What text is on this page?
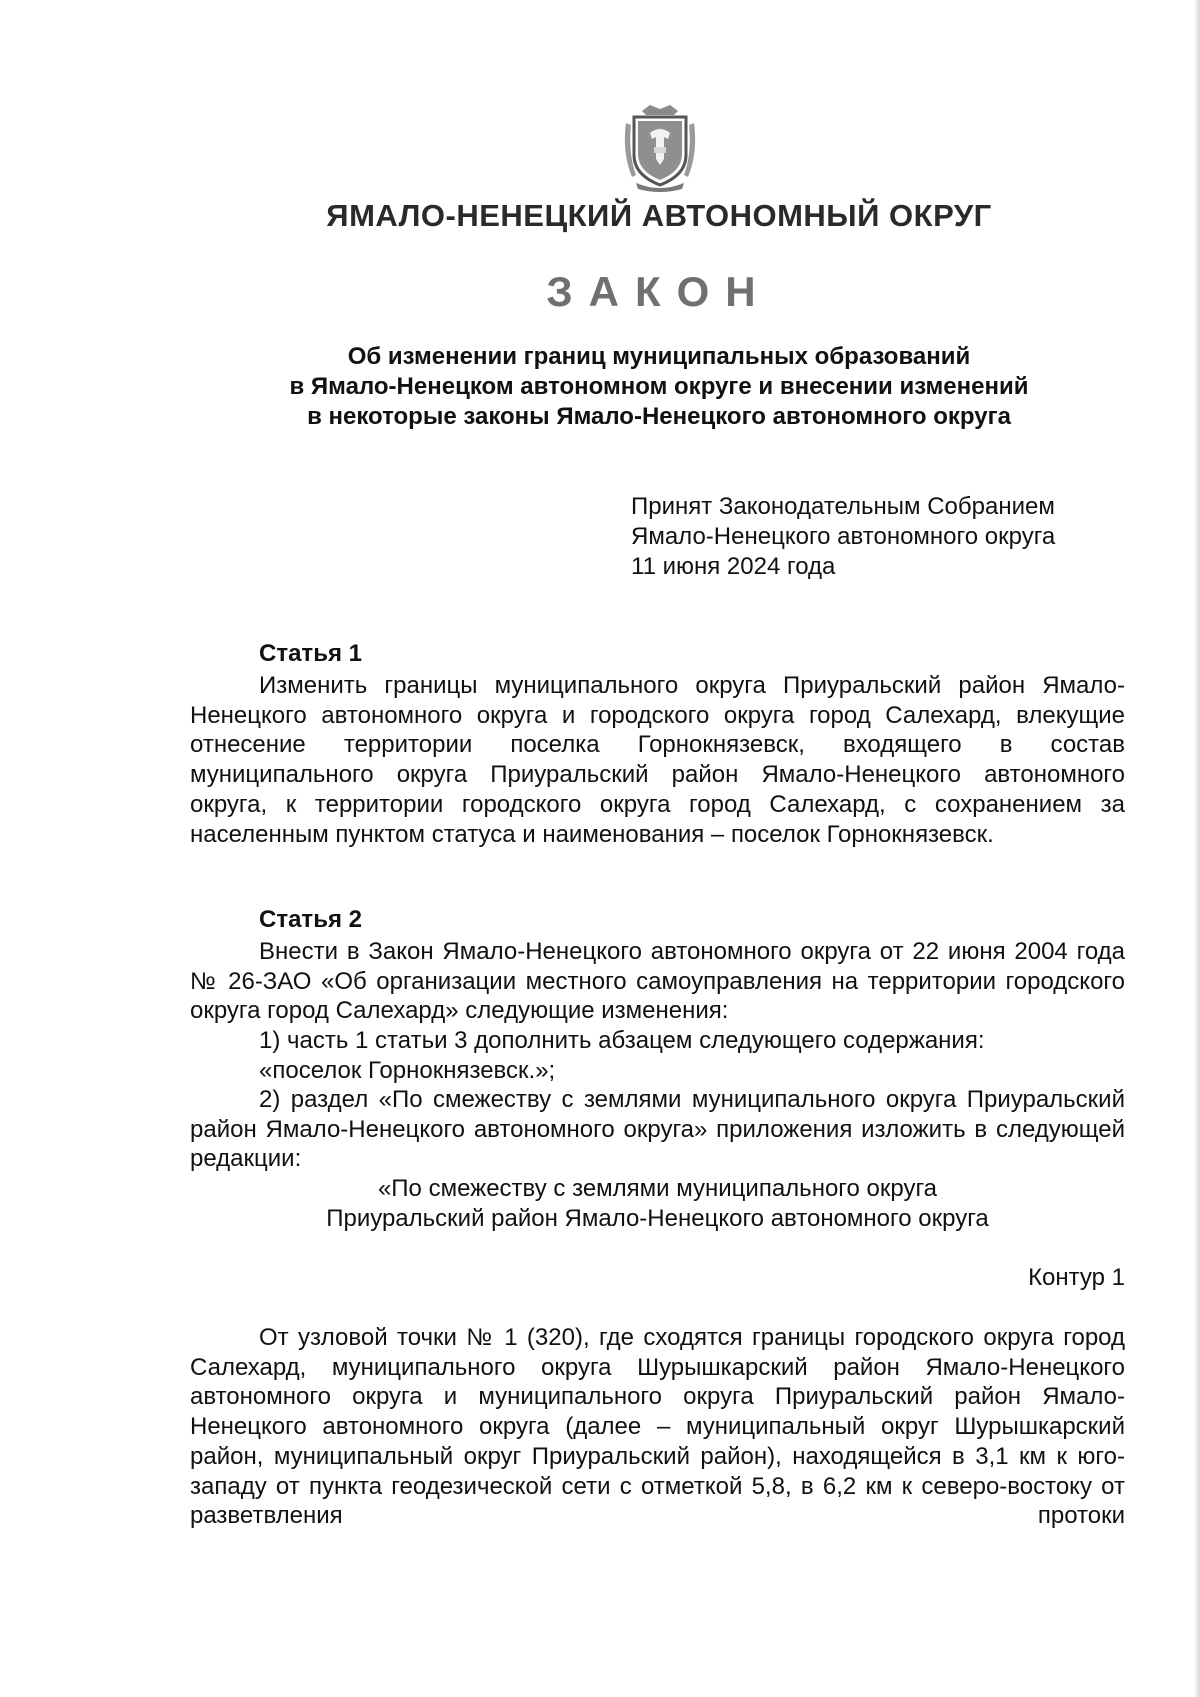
ЯМАЛО-НЕНЕЦКИЙ АВТОНОМНЫЙ ОКРУГ
ЗАКОН
Об изменении границ муниципальных образований
в Ямало-Ненецком автономном округе и внесении изменений
в некоторые законы Ямало-Ненецкого автономного округа
Принят Законодательным Собранием
Ямало-Ненецкого автономного округа
11 июня 2024 года
Статья 1

Изменить границы муниципального округа Приуральский район Ямало-Ненецкого автономного округа и городского округа город Салехард, влекущие отнесение территории поселка Горнокнязевск, входящего в состав муниципального округа Приуральский район Ямало-Ненецкого автономного округа, к территории городского округа город Салехард, с сохранением за населенным пунктом статуса и наименования – поселок Горнокнязевск.

Статья 2

Внести в Закон Ямало-Ненецкого автономного округа от 22 июня 2004 года № 26-ЗАО «Об организации местного самоуправления на территории городского округа город Салехард» следующие изменения:

1) часть 1 статьи 3 дополнить абзацем следующего содержания:
«поселок Горнокнязевск.»;

2) раздел «По смежеству с землями муниципального округа Приуральский район Ямало-Ненецкого автономного округа» приложения изложить в следующей редакции:

«По смежеству с землями муниципального округа
Приуральский район Ямало-Ненецкого автономного округа
Контур 1

От узловой точки № 1 (320), где сходятся границы городского округа город Салехард, муниципального округа Шурышкарский район Ямало-Ненецкого автономного округа и муниципального округа Приуральский район Ямало-Ненецкого автономного округа (далее – муниципальный округ Шурышкарский район, муниципальный округ Приуральский район), находящейся в 3,1 км к юго-западу от пункта геодезической сети с отметкой 5,8, в 6,2 км к северо-востоку от разветвления протоки
